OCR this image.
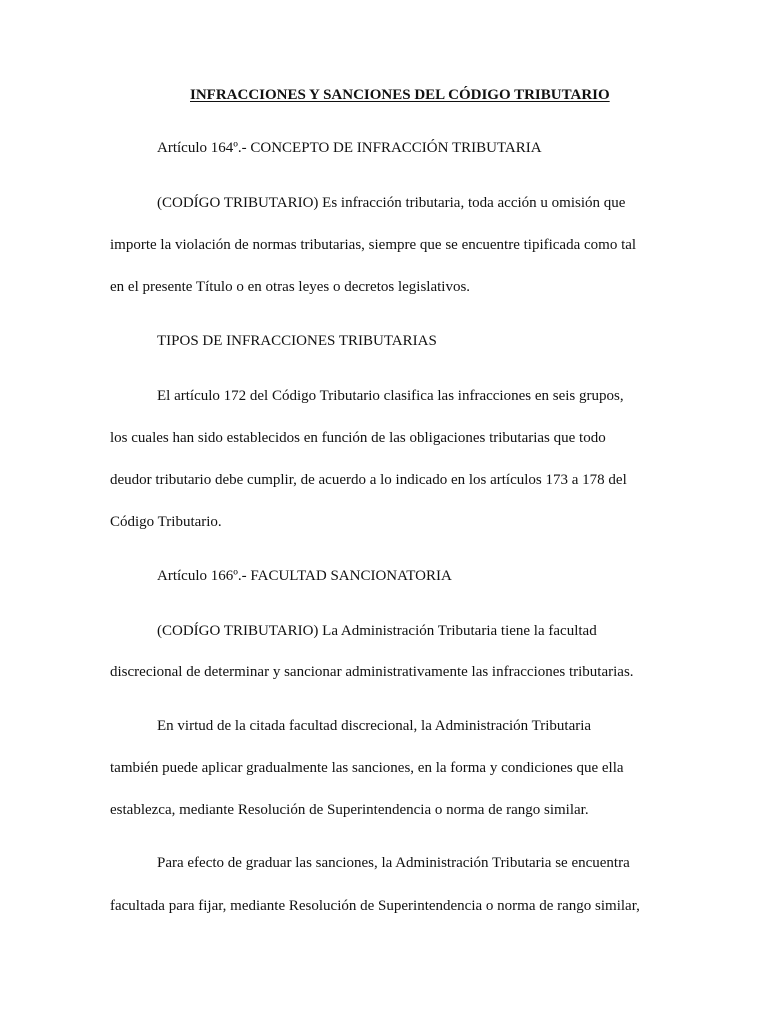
INFRACCIONES Y SANCIONES DEL CÓDIGO TRIBUTARIO
Artículo 164º.- CONCEPTO DE INFRACCIÓN TRIBUTARIA
(CODÍGO TRIBUTARIO) Es infracción tributaria, toda acción u omisión que
importe la violación de normas tributarias, siempre que se encuentre tipificada como tal
en el presente Título o en otras leyes o decretos legislativos.
TIPOS DE INFRACCIONES TRIBUTARIAS
El artículo 172 del Código Tributario clasifica las infracciones en seis grupos,
los cuales han sido establecidos en función de las obligaciones tributarias que todo
deudor tributario debe cumplir, de acuerdo a lo indicado en los artículos 173 a 178 del
Código Tributario.
Artículo 166º.- FACULTAD SANCIONATORIA
(CODÍGO TRIBUTARIO) La Administración Tributaria tiene la facultad
discrecional de determinar y sancionar administrativamente las infracciones tributarias.
En virtud de la citada facultad discrecional, la Administración Tributaria
también puede aplicar gradualmente las sanciones, en la forma y condiciones que ella
establezca, mediante Resolución de Superintendencia o norma de rango similar.
Para efecto de graduar las sanciones, la Administración Tributaria se encuentra
facultada para fijar, mediante Resolución de Superintendencia o norma de rango similar,
